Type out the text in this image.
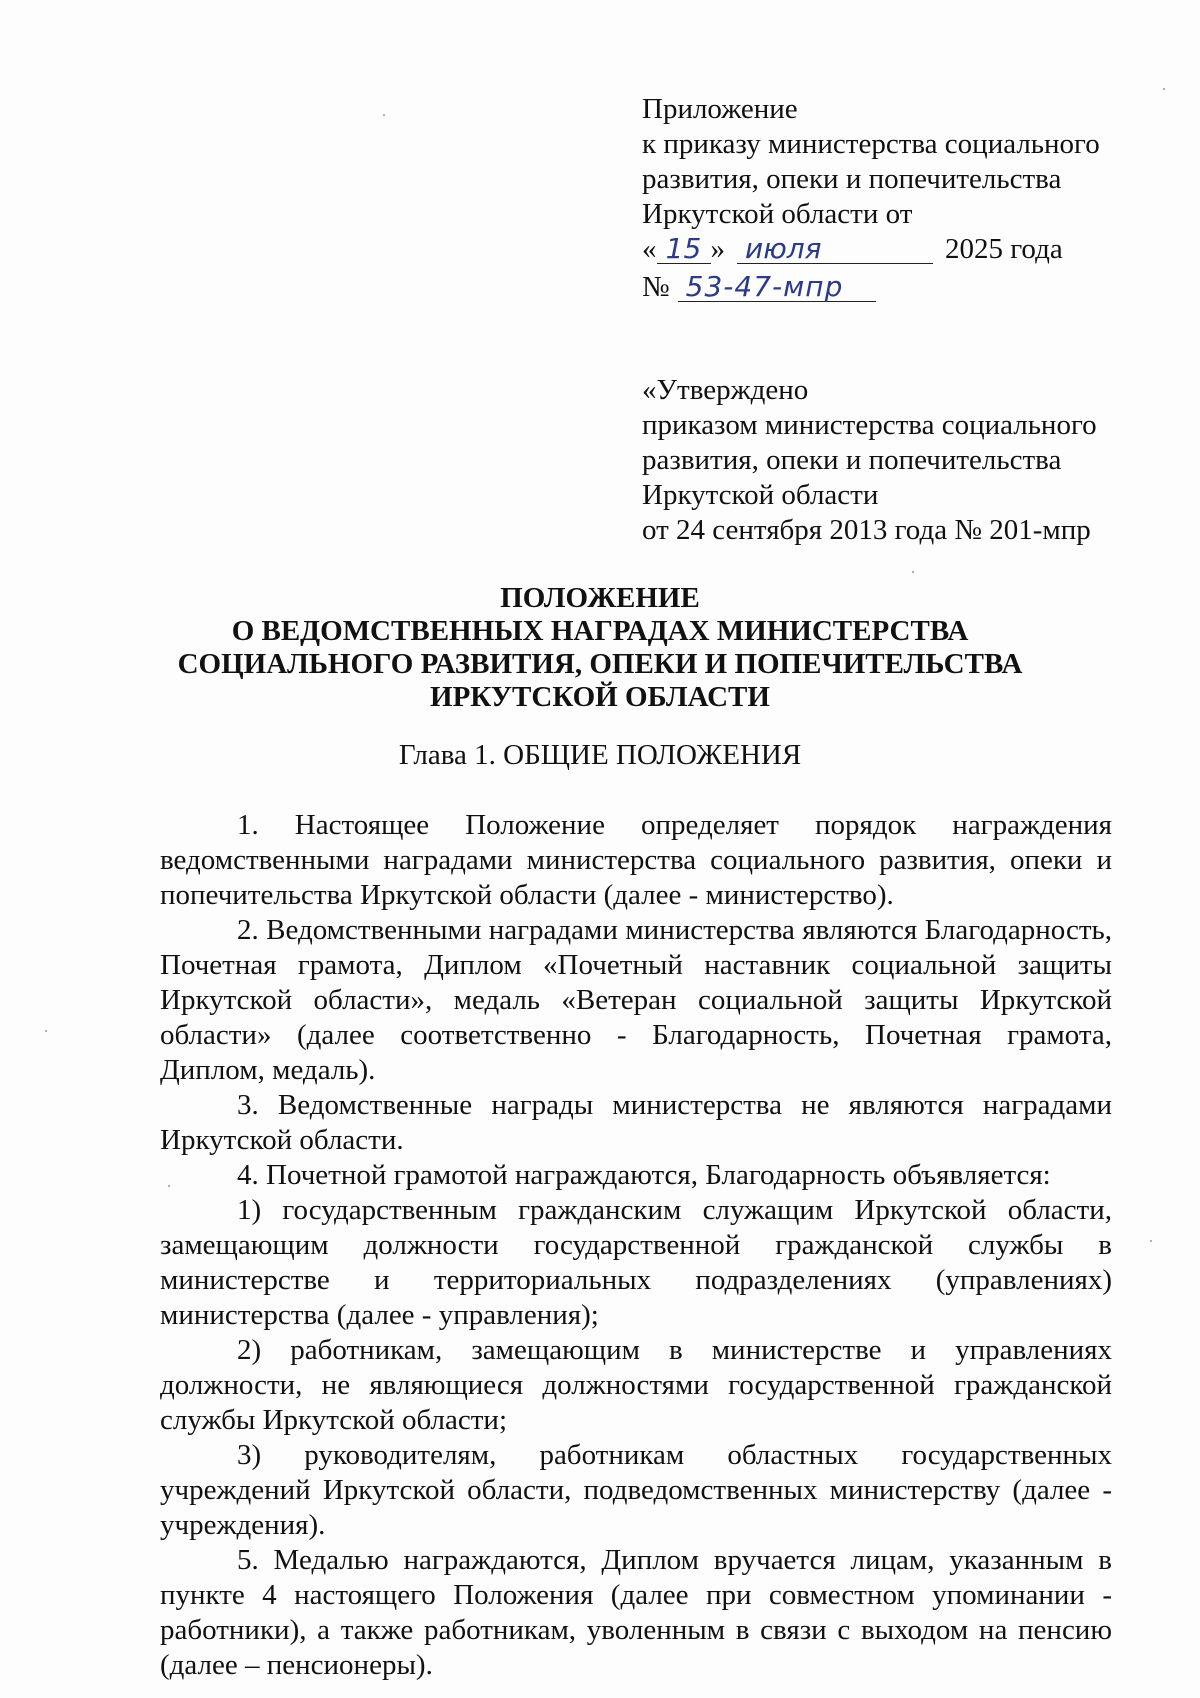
Приложение
к приказу министерства социального
развития, опеки и попечительства
Иркутской области от
« 15 » июля	2025 года
№ 53-47-мпр
«Утверждено
приказом министерства социального
развития, опеки и попечительства
Иркутской области
от 24 сентября 2013 года № 201-мпр
ПОЛОЖЕНИЕ
О ВЕДОМСТВЕННЫХ НАГРАДАХ МИНИСТЕРСТВА
СОЦИАЛЬНОГО РАЗВИТИЯ, ОПЕКИ И ПОПЕЧИТЕЛЬСТВА
ИРКУТСКОЙ ОБЛАСТИ
Глава 1. ОБЩИЕ ПОЛОЖЕНИЯ

1. Настоящее Положение определяет порядок награждения ведомственными наградами министерства социального развития, опеки и попечительства Иркутской области (далее - министерство).

2. Ведомственными наградами министерства являются Благодарность, Почетная грамота, Диплом «Почетный наставник социальной защиты Иркутской области», медаль «Ветеран социальной защиты Иркутской области» (далее соответственно - Благодарность, Почетная грамота, Диплом, медаль).

3. Ведомственные награды министерства не являются наградами Иркутской области.

4. Почетной грамотой награждаются, Благодарность объявляется:

1) государственным гражданским служащим Иркутской области, замещающим должности государственной гражданской службы в министерстве и территориальных подразделениях (управлениях) министерства (далее - управления);

2) работникам, замещающим в министерстве и управлениях должности, не являющиеся должностями государственной гражданской службы Иркутской области;

3) руководителям, работникам областных государственных учреждений Иркутской области, подведомственных министерству (далее - учреждения).

5. Медалью награждаются, Диплом вручается лицам, указанным в пункте 4 настоящего Положения (далее при совместном упоминании - работники), а также работникам, уволенным в связи с выходом на пенсию (далее – пенсионеры).
